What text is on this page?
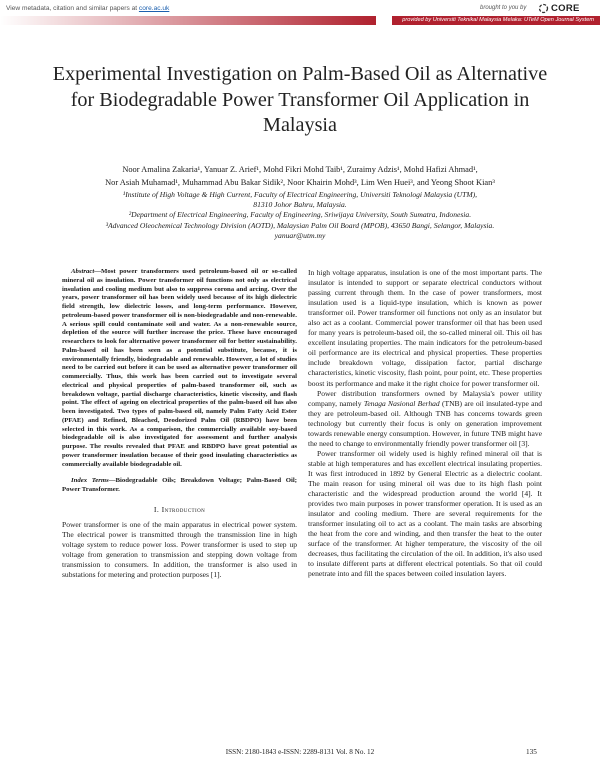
View metadata, citation and similar papers at core.ac.uk	brought to you by	CORE
provided by Universiti Teknikal Malaysia Melaka: UTeM Open Journal System
Experimental Investigation on Palm-Based Oil as Alternative for Biodegradable Power Transformer Oil Application in Malaysia
Noor Amalina Zakaria¹, Yanuar Z. Arief¹, Mohd Fikri Mohd Taib¹, Zuraimy Adzis¹, Mohd Hafizi Ahmad¹,
Nor Asiah Muhamad¹, Muhammad Abu Bakar Sidik², Noor Khairin Mohd³, Lim Wen Huei³, and Yeong Shoot Kian³
¹Institute of High Voltage & High Current, Faculty of Electrical Engineering, Universiti Teknologi Malaysia (UTM),
81310 Johor Bahru, Malaysia.
²Department of Electrical Engineering, Faculty of Engineering, Sriwijaya University, South Sumatra, Indonesia.
³Advanced Oleochemical Technology Division (AOTD), Malaysian Palm Oil Board (MPOB), 43650 Bangi, Selangor, Malaysia.
yanuar@utm.my

Abstract—Most power transformers used petroleum-based oil or so-called mineral oil as insulation. Power transformer oil functions not only as electrical insulation and cooling medium but also to suppress corona and arcing. Over the years, power transformer oil has been widely used because of its high dielectric field strength, low dielectric losses, and long-term performance. However, petroleum-based power transformer oil is non-biodegradable and non-renewable. A serious spill could contaminate soil and water. As a non-renewable source, depletion of the source will further increase the price. These have encouraged researchers to look for alternative power transformer oil for better sustainability. Palm-based oil has been seen as a potential substitute, because, it is environmentally friendly, biodegradable and renewable. However, a lot of studies need to be carried out before it can be used as alternative power transformer oil commercially. Thus, this work has been carried out to investigate several electrical and physical properties of palm-based transformer oil, such as breakdown voltage, partial discharge characteristics, kinetic viscosity, and flash point. The effect of ageing on electrical properties of the palm-based oil has also been investigated. Two types of palm-based oil, namely Palm Fatty Acid Ester (PFAE) and Refined, Bleached, Deodorized Palm Oil (RBDPO) have been selected in this work. As a comparison, the commercially available soy-based biodegradable oil is also investigated for assessment and further analysis purpose. The results revealed that PFAE and RBDPO have great potential as power transformer insulation because of their good insulating characteristics as commercially available biodegradable oil.

Index Terms—Biodegradable Oils; Breakdown Voltage; Palm-Based Oil; Power Transformer.

I. Introduction

Power transformer is one of the main apparatus in electrical power system. The electrical power is transmitted through the transmission line in high voltage system to reduce power loss. Power transformer is used to step up voltage from generation to transmission and stepping down voltage from transmission to consumers. In addition, the transformer is also used in substations for metering and protection purposes [1].

In high voltage apparatus, insulation is one of the most important parts. The insulator is intended to support or separate electrical conductors without passing current through them. In the case of power transformers, most insulation used is a liquid-type insulation, which is known as power transformer oil. Power transformer oil functions not only as an insulator but also act as a coolant. Commercial power transformer oil that has been used for many years is petroleum-based oil, the so-called mineral oil. This oil has excellent insulating properties. The main indicators for the petroleum-based oil performance are its electrical and physical properties. These properties include breakdown voltage, dissipation factor, partial discharge characteristics, kinetic viscosity, flash point, pour point, etc. These properties boost its performance and make it the right choice for power transformer oil.

Power distribution transformers owned by Malaysia's power utility company, namely Tenaga Nasional Berhad (TNB) are oil insulated-type and they are petroleum-based oil. Although TNB has concerns towards green technology but currently their focus is only on generation improvement towards renewable energy consumption. However, in future TNB might have the need to change to environmentally friendly power transformer oil [3].

Power transformer oil widely used is highly refined mineral oil that is stable at high temperatures and has excellent electrical insulating properties. It was first introduced in 1892 by General Electric as a dielectric coolant. The main reason for using mineral oil was due to its high flash point characteristic and the widespread production around the world [4]. It provides two main purposes in power transformer operation. It is used as an insulator and cooling medium. There are several requirements for the transformer insulating oil to act as a coolant. The main tasks are absorbing the heat from the core and winding, and then transfer the heat to the outer surface of the transformer. At higher temperature, the viscosity of the oil decreases, thus facilitating the circulation of the oil. In addition, it's also used to insulate different parts at different electrical potentials. So that oil could penetrate into and fill the spaces between coiled insulation layers.

ISSN: 2180-1843 e-ISSN: 2289-8131 Vol. 8 No. 12	135
